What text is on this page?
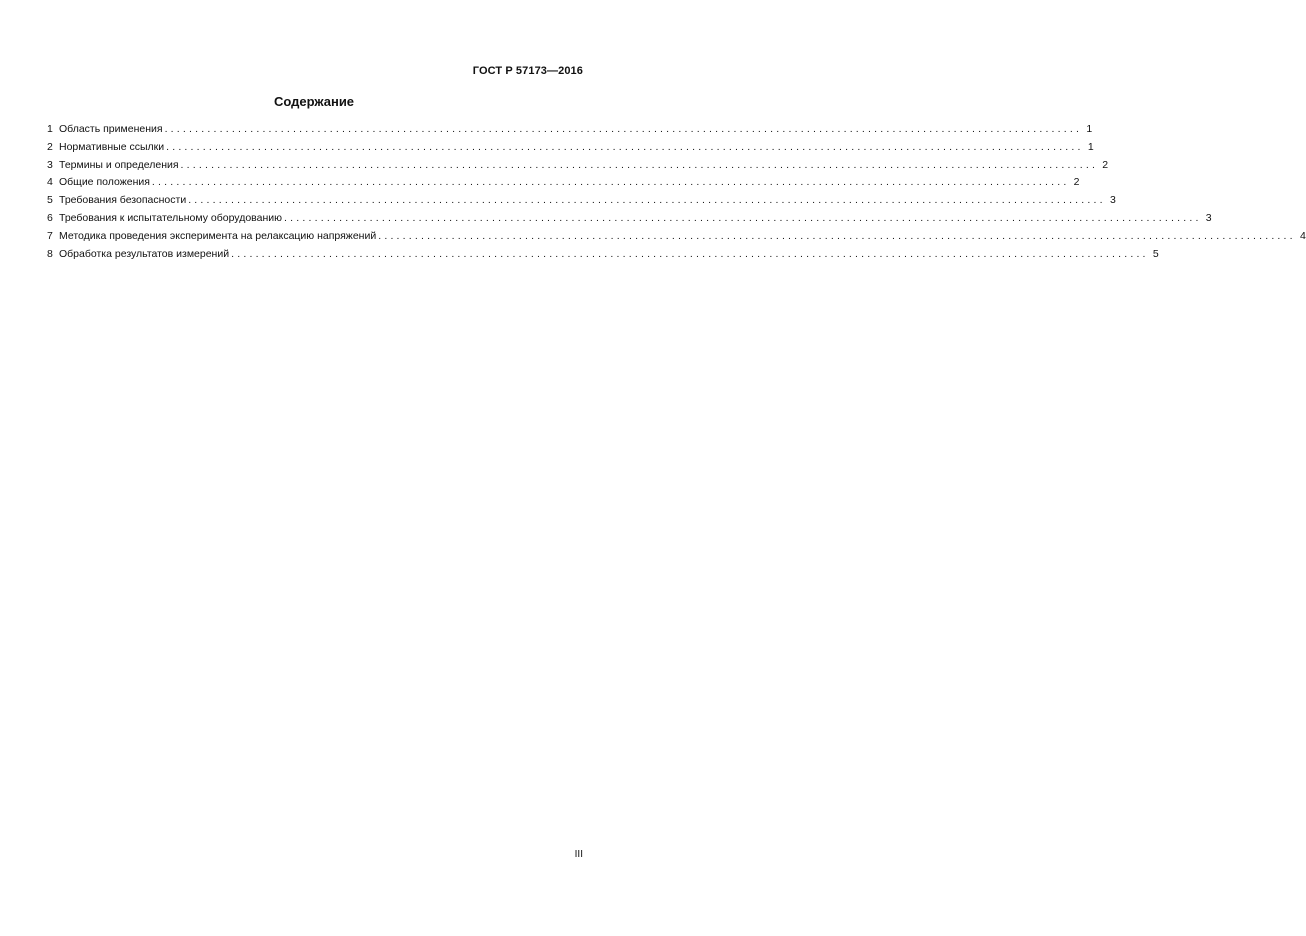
ГОСТ Р 57173—2016
Содержание
1 Область применения ...................................................................................................................................................... 1
2 Нормативные ссылки ...................................................................................................................................................... 1
3 Термины и определения ...................................................................................................................................................... 2
4 Общие положения ...................................................................................................................................................... 2
5 Требования безопасности ...................................................................................................................................................... 3
6 Требования к испытательному оборудованию ...................................................................................................................................................... 3
7 Методика проведения эксперимента на релаксацию напряжений ...................................................................................................................................................... 4
8 Обработка результатов измерений ...................................................................................................................................................... 5
III
